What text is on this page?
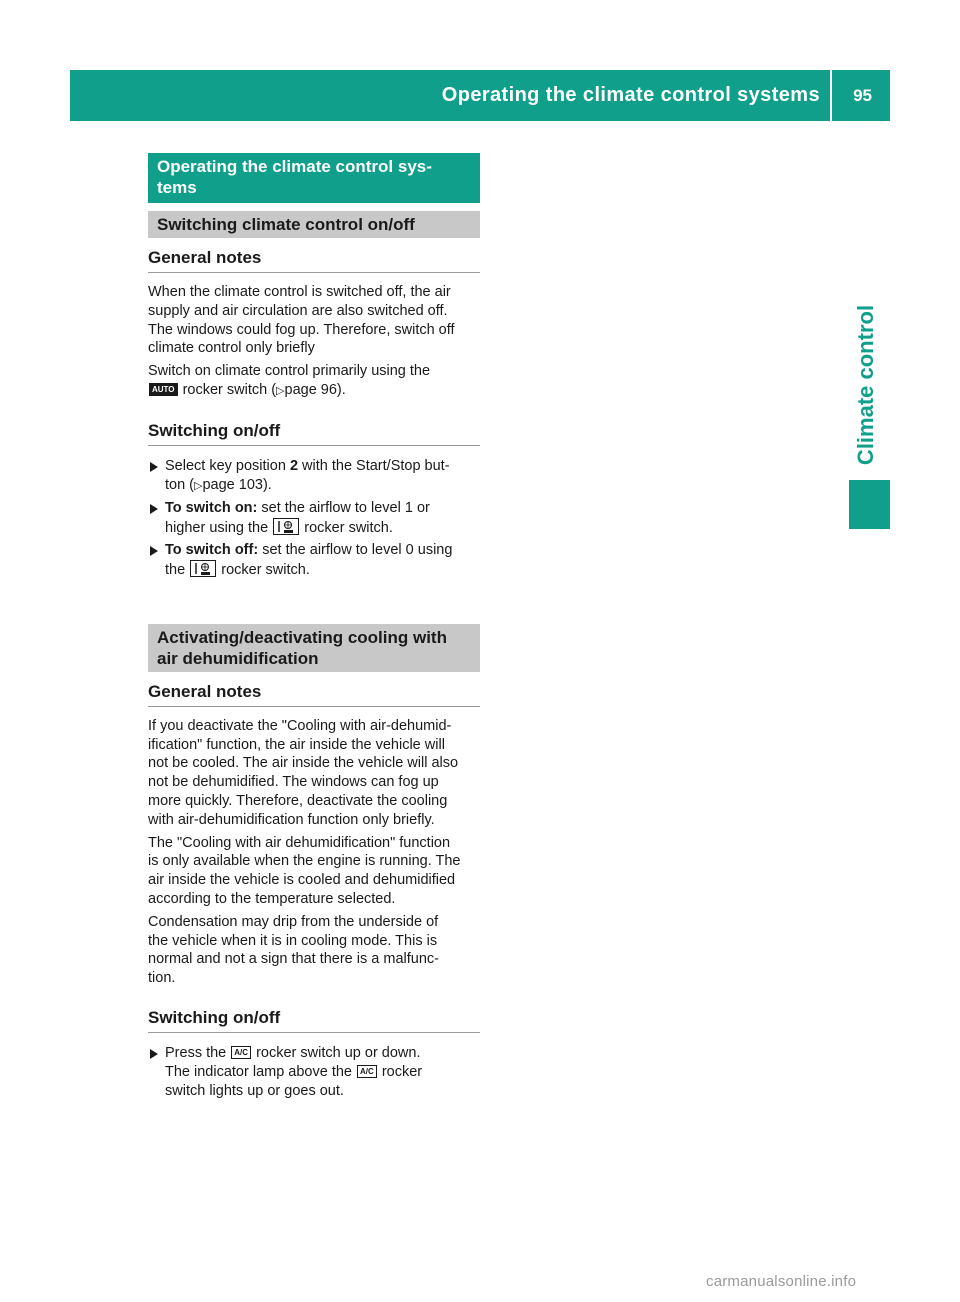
Operating the climate control systems 95
Climate control
Operating the climate control sys-
tems
Switching climate control on/off
General notes

When the climate control is switched off, the air
supply and air circulation are also switched off.
The windows could fog up. Therefore, switch off
climate control only briefly

Switch on climate control primarily using the
AUTO rocker switch (▷page 96).

Switching on/off
Select key position 2 with the Start/Stop but-
ton (▷page 103).
To switch on: set the airflow to level 1 or
higher using the rocker switch.
To switch off: set the airflow to level 0 using
the rocker switch.
Activating/deactivating cooling with
air dehumidification
General notes

If you deactivate the "Cooling with air-dehumid-
ification" function, the air inside the vehicle will
not be cooled. The air inside the vehicle will also
not be dehumidified. The windows can fog up
more quickly. Therefore, deactivate the cooling
with air-dehumidification function only briefly.

The "Cooling with air dehumidification" function
is only available when the engine is running. The
air inside the vehicle is cooled and dehumidified
according to the temperature selected.

Condensation may drip from the underside of
the vehicle when it is in cooling mode. This is
normal and not a sign that there is a malfunc-
tion.

Switching on/off
Press the A/C rocker switch up or down.
The indicator lamp above the A/C rocker
switch lights up or goes out.
carmanualsonline.info
